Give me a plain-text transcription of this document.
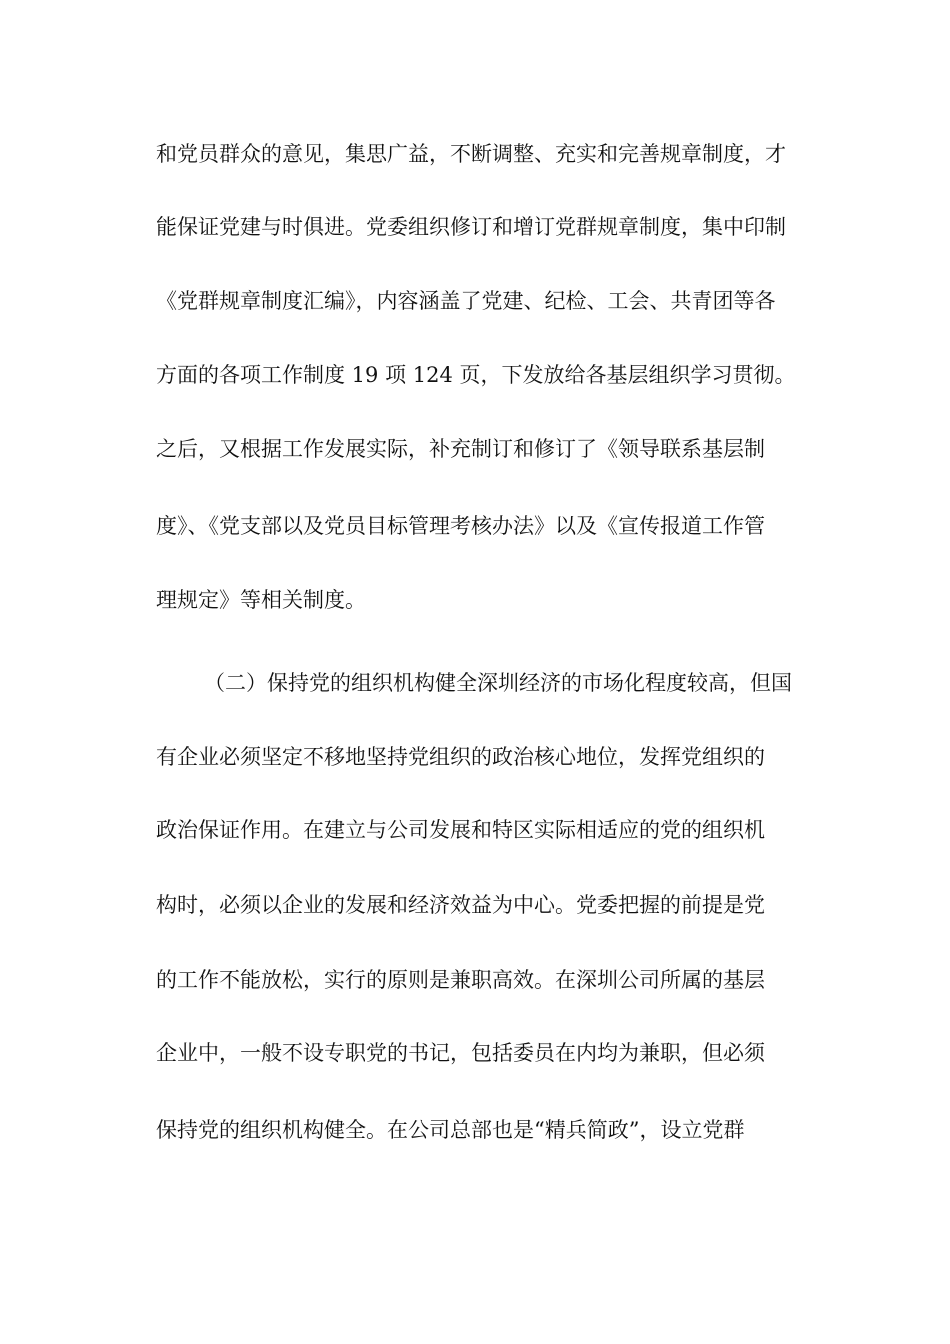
和党员群众的意见，集思广益，不断调整、充实和完善规章制度，才
能保证党建与时俱进。党委组织修订和增订党群规章制度，集中印制
《党群规章制度汇编》，内容涵盖了党建、纪检、工会、共青团等各
方面的各项工作制度 19 项 124 页，下发放给各基层组织学习贯彻。
之后，又根据工作发展实际，补充制订和修订了《领导联系基层制
度》、《党支部以及党员目标管理考核办法》以及《宣传报道工作管
理规定》等相关制度。
（二）保持党的组织机构健全深圳经济的市场化程度较高，但国
有企业必须坚定不移地坚持党组织的政治核心地位，发挥党组织的
政治保证作用。在建立与公司发展和特区实际相适应的党的组织机
构时，必须以企业的发展和经济效益为中心。党委把握的前提是党
的工作不能放松，实行的原则是兼职高效。在深圳公司所属的基层
企业中，一般不设专职党的书记，包括委员在内均为兼职，但必须
保持党的组织机构健全。在公司总部也是“精兵简政”，设立党群
